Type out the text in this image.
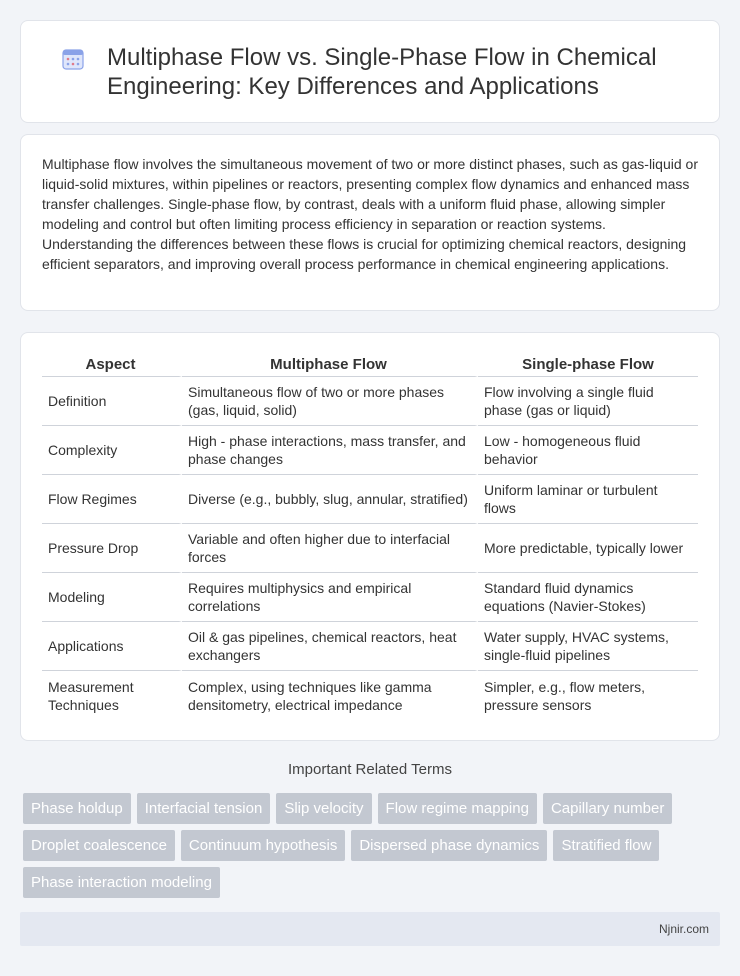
Multiphase Flow vs. Single-Phase Flow in Chemical Engineering: Key Differences and Applications

Multiphase flow involves the simultaneous movement of two or more distinct phases, such as gas-liquid or liquid-solid mixtures, within pipelines or reactors, presenting complex flow dynamics and enhanced mass transfer challenges. Single-phase flow, by contrast, deals with a uniform fluid phase, allowing simpler modeling and control but often limiting process efficiency in separation or reaction systems. Understanding the differences between these flows is crucial for optimizing chemical reactors, designing efficient separators, and improving overall process performance in chemical engineering applications.

Aspect	Multiphase Flow	Single-phase Flow
Definition	Simultaneous flow of two or more phases (gas, liquid, solid)	Flow involving a single fluid phase (gas or liquid)
Complexity	High - phase interactions, mass transfer, and phase changes	Low - homogeneous fluid behavior
Flow Regimes	Diverse (e.g., bubbly, slug, annular, stratified)	Uniform laminar or turbulent flows
Pressure Drop	Variable and often higher due to interfacial forces	More predictable, typically lower
Modeling	Requires multiphysics and empirical correlations	Standard fluid dynamics equations (Navier-Stokes)
Applications	Oil & gas pipelines, chemical reactors, heat exchangers	Water supply, HVAC systems, single-fluid pipelines
Measurement Techniques	Complex, using techniques like gamma densitometry, electrical impedance	Simpler, e.g., flow meters, pressure sensors
Important Related Terms
Phase holdup	Interfacial tension	Slip velocity	Flow regime mapping	Capillary number
Droplet coalescence	Continuum hypothesis	Dispersed phase dynamics	Stratified flow
Phase interaction modeling
Njnir.com
